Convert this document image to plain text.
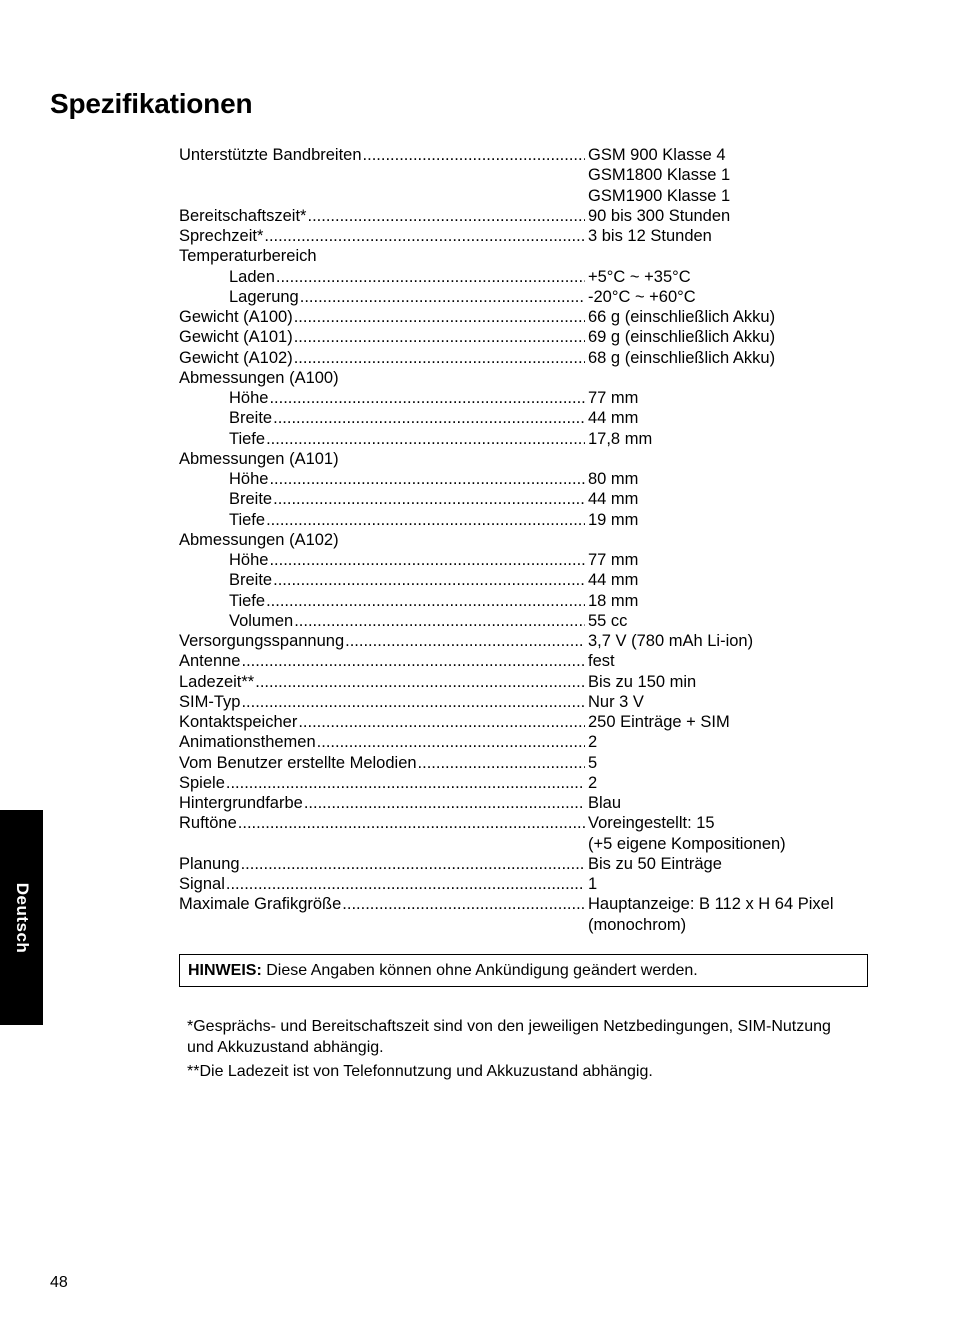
Spezifikationen
Unterstützte Bandbreiten .....	GSM 900 Klasse 4
GSM1800 Klasse 1
GSM1900 Klasse 1
Bereitschaftszeit* .....	90 bis 300 Stunden
Sprechzeit* .....	3 bis 12 Stunden
Temperaturbereich
Laden .....	+5°C ~ +35°C
Lagerung .....	-20°C ~ +60°C
Gewicht (A100) .....	66 g (einschließlich Akku)
Gewicht (A101) .....	69 g (einschließlich Akku)
Gewicht (A102) .....	68 g (einschließlich Akku)
Abmessungen (A100)
Höhe .....	77 mm
Breite .....	44 mm
Tiefe .....	17,8 mm
Abmessungen (A101)
Höhe .....	80 mm
Breite .....	44 mm
Tiefe .....	19 mm
Abmessungen (A102)
Höhe .....	77 mm
Breite .....	44 mm
Tiefe .....	18 mm
Volumen .....	55 cc
Versorgungsspannung .....	3,7 V (780 mAh Li-ion)
Antenne .....	fest
Ladezeit** .....	Bis zu 150 min
SIM-Typ .....	Nur 3 V
Kontaktspeicher .....	250 Einträge + SIM
Animationsthemen .....	2
Vom Benutzer erstellte Melodien .....	5
Spiele .....	2
Hintergrundfarbe .....	Blau
Ruftöne .....	Voreingestellt: 15
(+5 eigene Kompositionen)
Planung .....	Bis zu 50 Einträge
Signal .....	1
Maximale Grafikgröße .....	Hauptanzeige: B 112 x H 64 Pixel
(monochrom)
HINWEIS: Diese Angaben können ohne Ankündigung geändert werden.

*Gesprächs- und Bereitschaftszeit sind von den jeweiligen Netzbedingungen, SIM-Nutzung und Akkuzustand abhängig.

**Die Ladezeit ist von Telefonnutzung und Akkuzustand abhängig.

Deutsch
48
